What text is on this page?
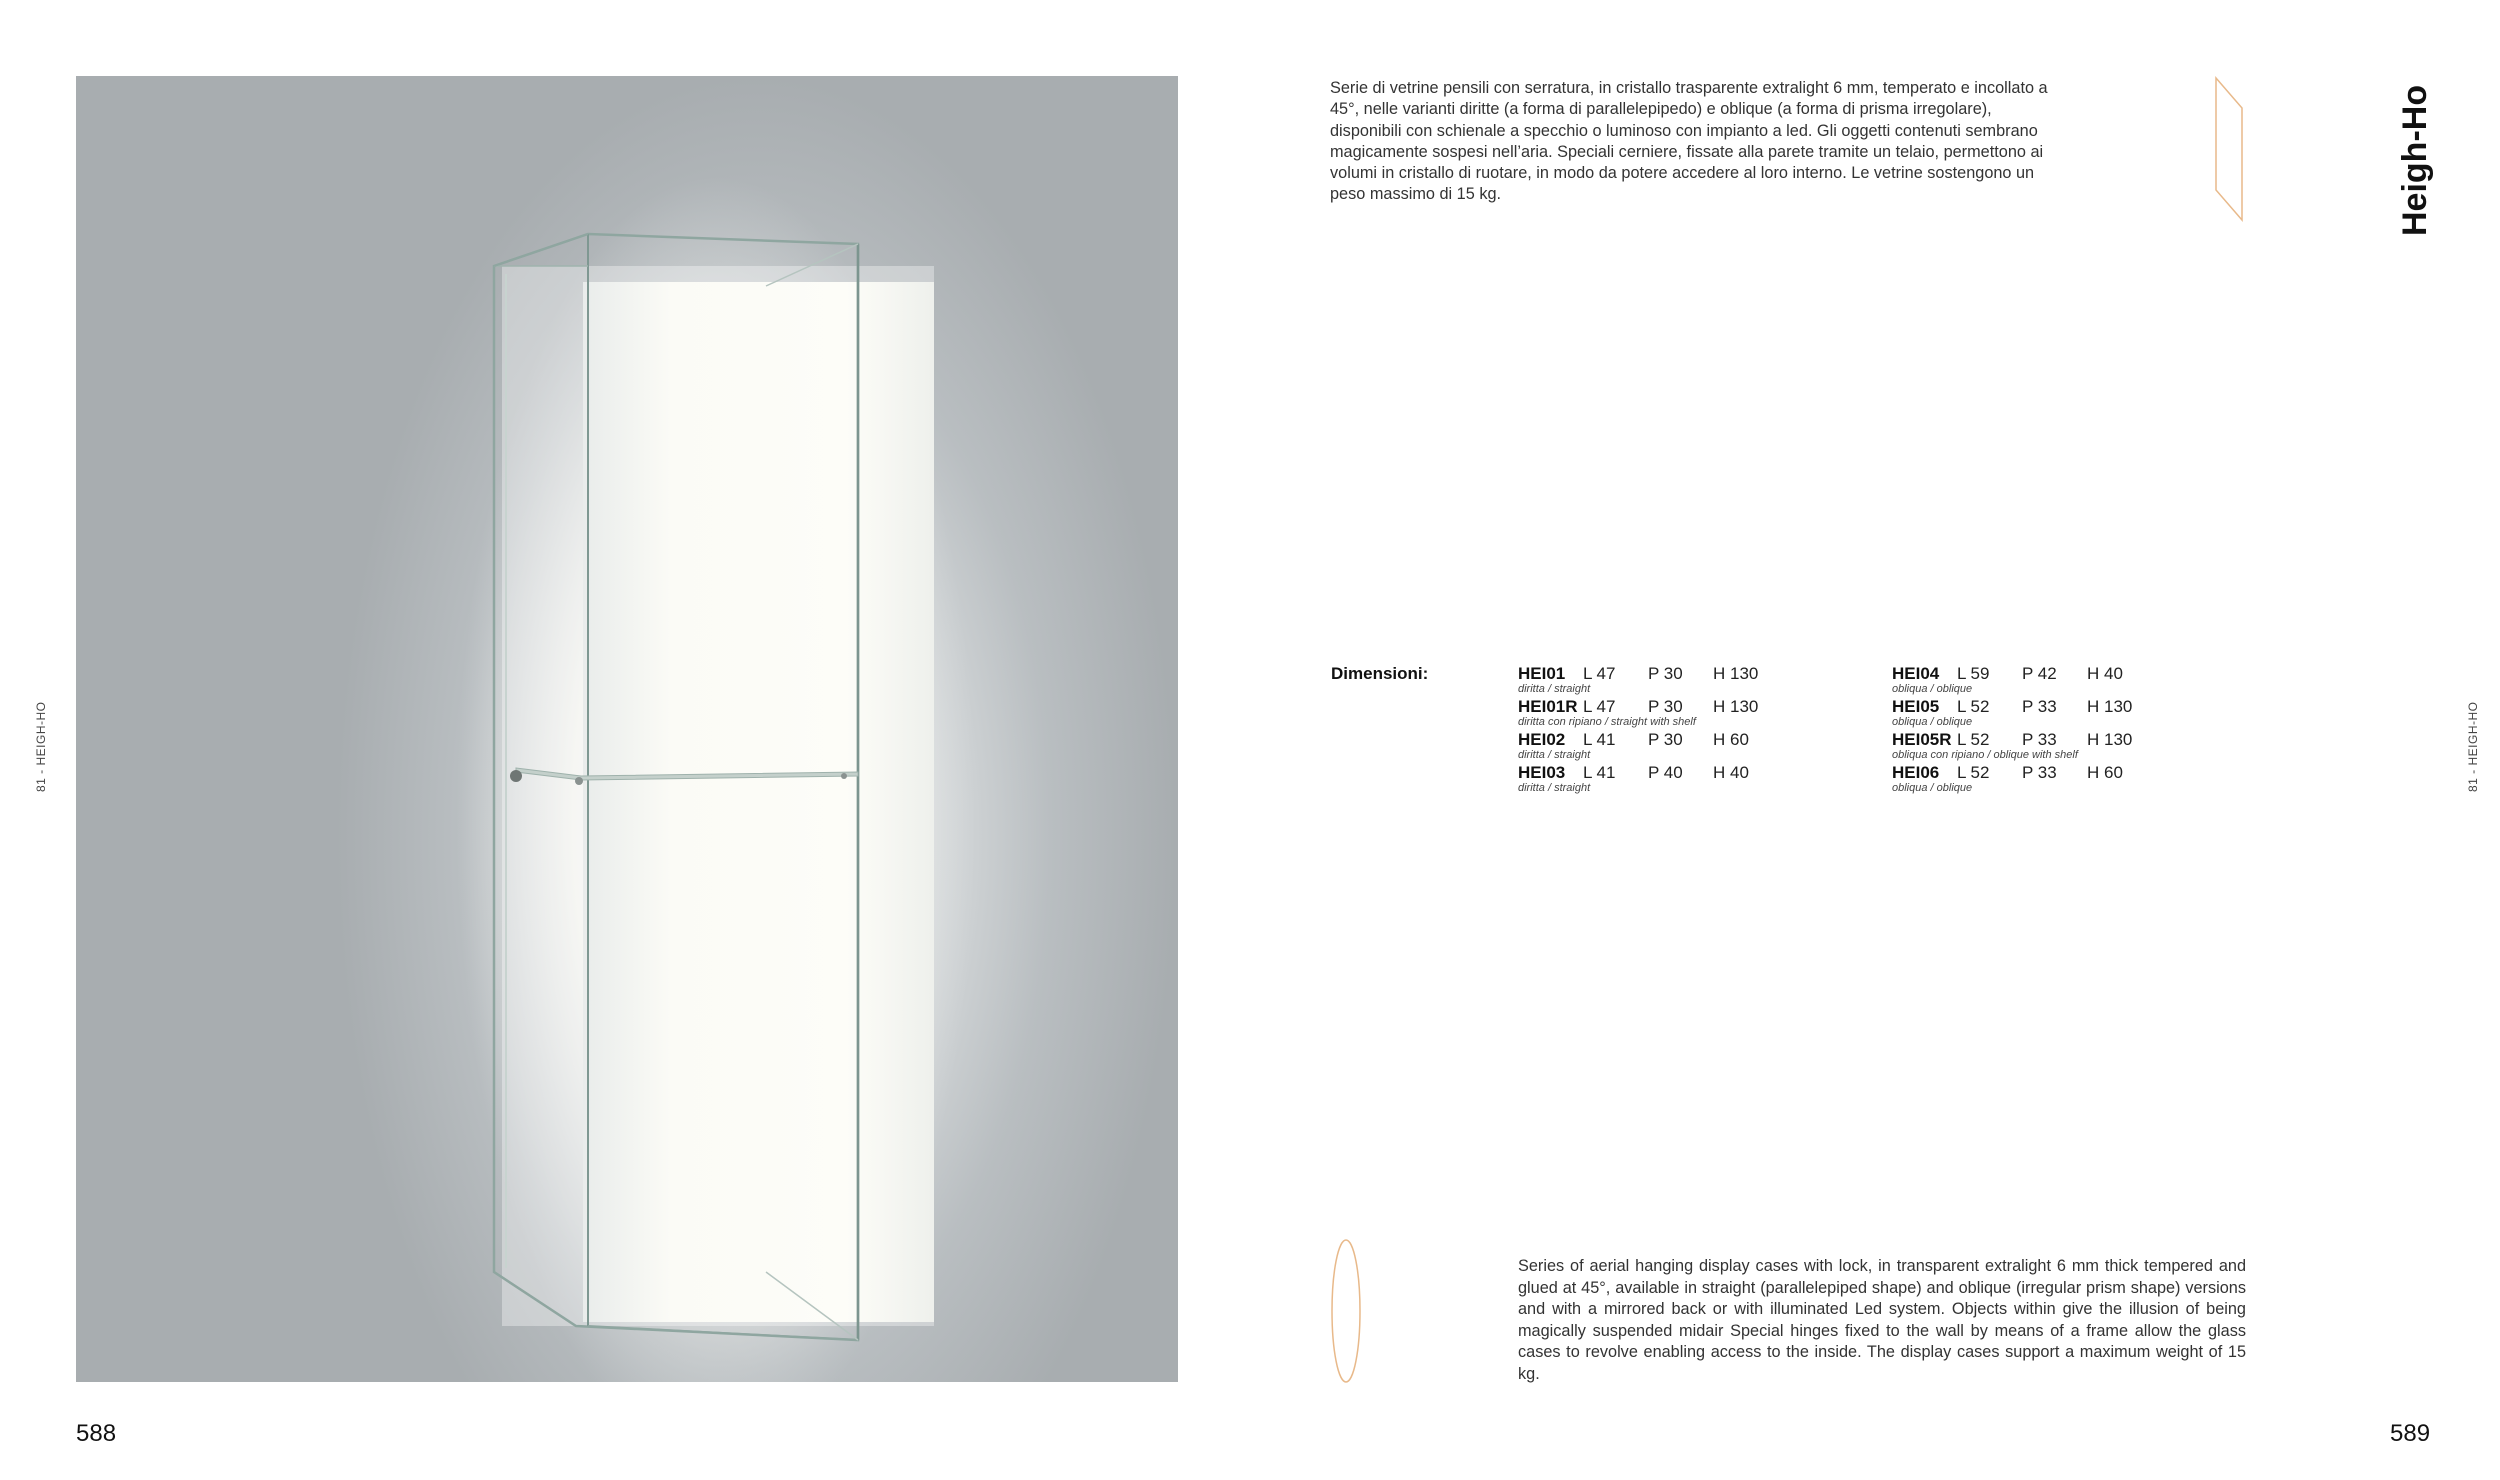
81 - HEIGH-HO	81 - HEIGH-HO
588	589
Serie di vetrine pensili con serratura, in cristallo trasparente extralight 6 mm, temperato e incollato a 45°, nelle varianti diritte (a forma di parallelepipedo) e oblique (a forma di prisma irregolare), disponibili con schienale a specchio o luminoso con impianto a led. Gli oggetti contenuti sembrano magicamente sospesi nell’aria. Speciali cerniere, fissate alla parete tramite un telaio, permettono ai volumi in cristallo di ruotare, in modo da potere accedere al loro interno. Le vetrine sostengono un peso massimo di 15 kg.	Heigh-Ho
Dimensioni:	HEI01 L 47 P 30 H 130
diritta / straight
HEI01R L 47 P 30 H 130
diritta con ripiano / straight with shelf
HEI02 L 41 P 30 H 60
diritta / straight
HEI03 L 41 P 40 H 40
diritta / straight
HEI04 L 59 P 42 H 40
obliqua / oblique
HEI05 L 52 P 33 H 130
obliqua / oblique
HEI05R L 52 P 33 H 130
obliqua con ripiano / oblique with shelf
HEI06 L 52 P 33 H 60
obliqua / oblique
Series of aerial hanging display cases with lock, in transparent extralight 6 mm thick tempered and glued at 45°, available in straight (parallelepiped shape) and oblique (irregular prism shape) versions and with a mirrored back or with illuminated Led system. Objects within give the illusion of being magically suspended midair Special hinges fixed to the wall by means of a frame allow the glass cases to revolve enabling access to the inside. The display cases support a maximum weight of 15 kg.
